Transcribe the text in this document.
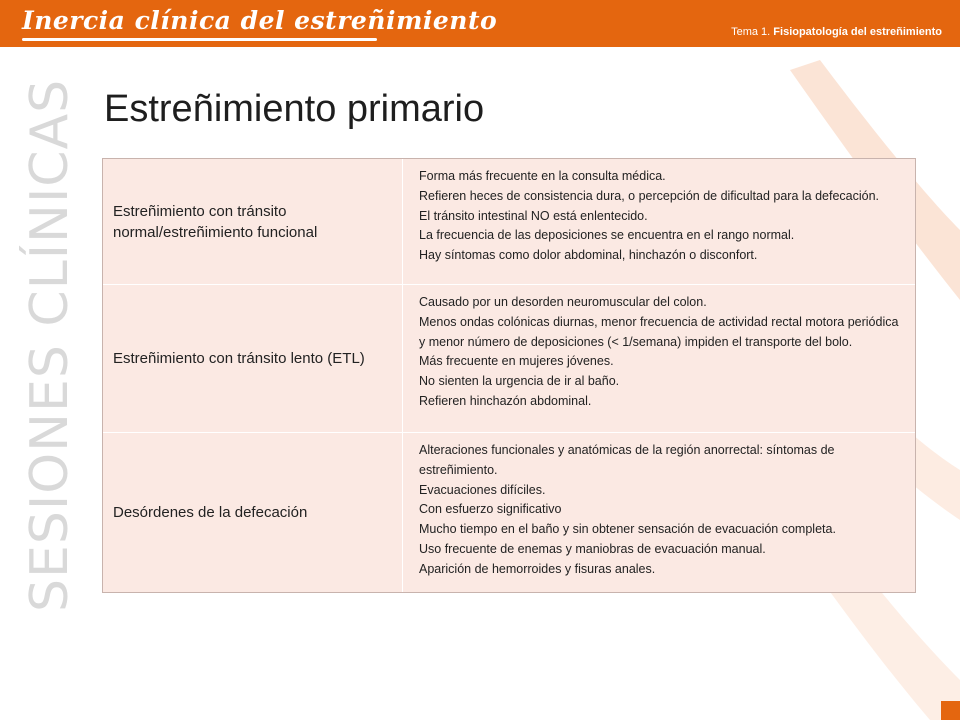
Inercia clínica del estreñimiento	Tema 1. Fisiopatología del estreñimiento
SESIONES CLÍNICAS Estreñimiento primario
Estreñimiento con tránsito normal/estreñimiento funcional
Forma más frecuente en la consulta médica.
Refieren heces de consistencia dura, o percepción de dificultad para la defecación.
El tránsito intestinal NO está enlentecido.
La frecuencia de las deposiciones se encuentra en el rango normal.
Hay síntomas como dolor abdominal, hinchazón o disconfort.
Estreñimiento con tránsito lento (ETL)
Causado por un desorden neuromuscular del colon.
Menos ondas colónicas diurnas, menor frecuencia de actividad rectal motora periódica y menor número de deposiciones (< 1/semana) impiden el transporte del bolo.
Más frecuente en mujeres jóvenes.
No sienten la urgencia de ir al baño.
Refieren hinchazón abdominal.
Desórdenes de la defecación
Alteraciones funcionales y anatómicas de la región anorrectal: síntomas de estreñimiento.
Evacuaciones difíciles.
Con esfuerzo significativo
Mucho tiempo en el baño y sin obtener sensación de evacuación completa.
Uso frecuente de enemas y maniobras de evacuación manual.
Aparición de hemorroides y fisuras anales.
